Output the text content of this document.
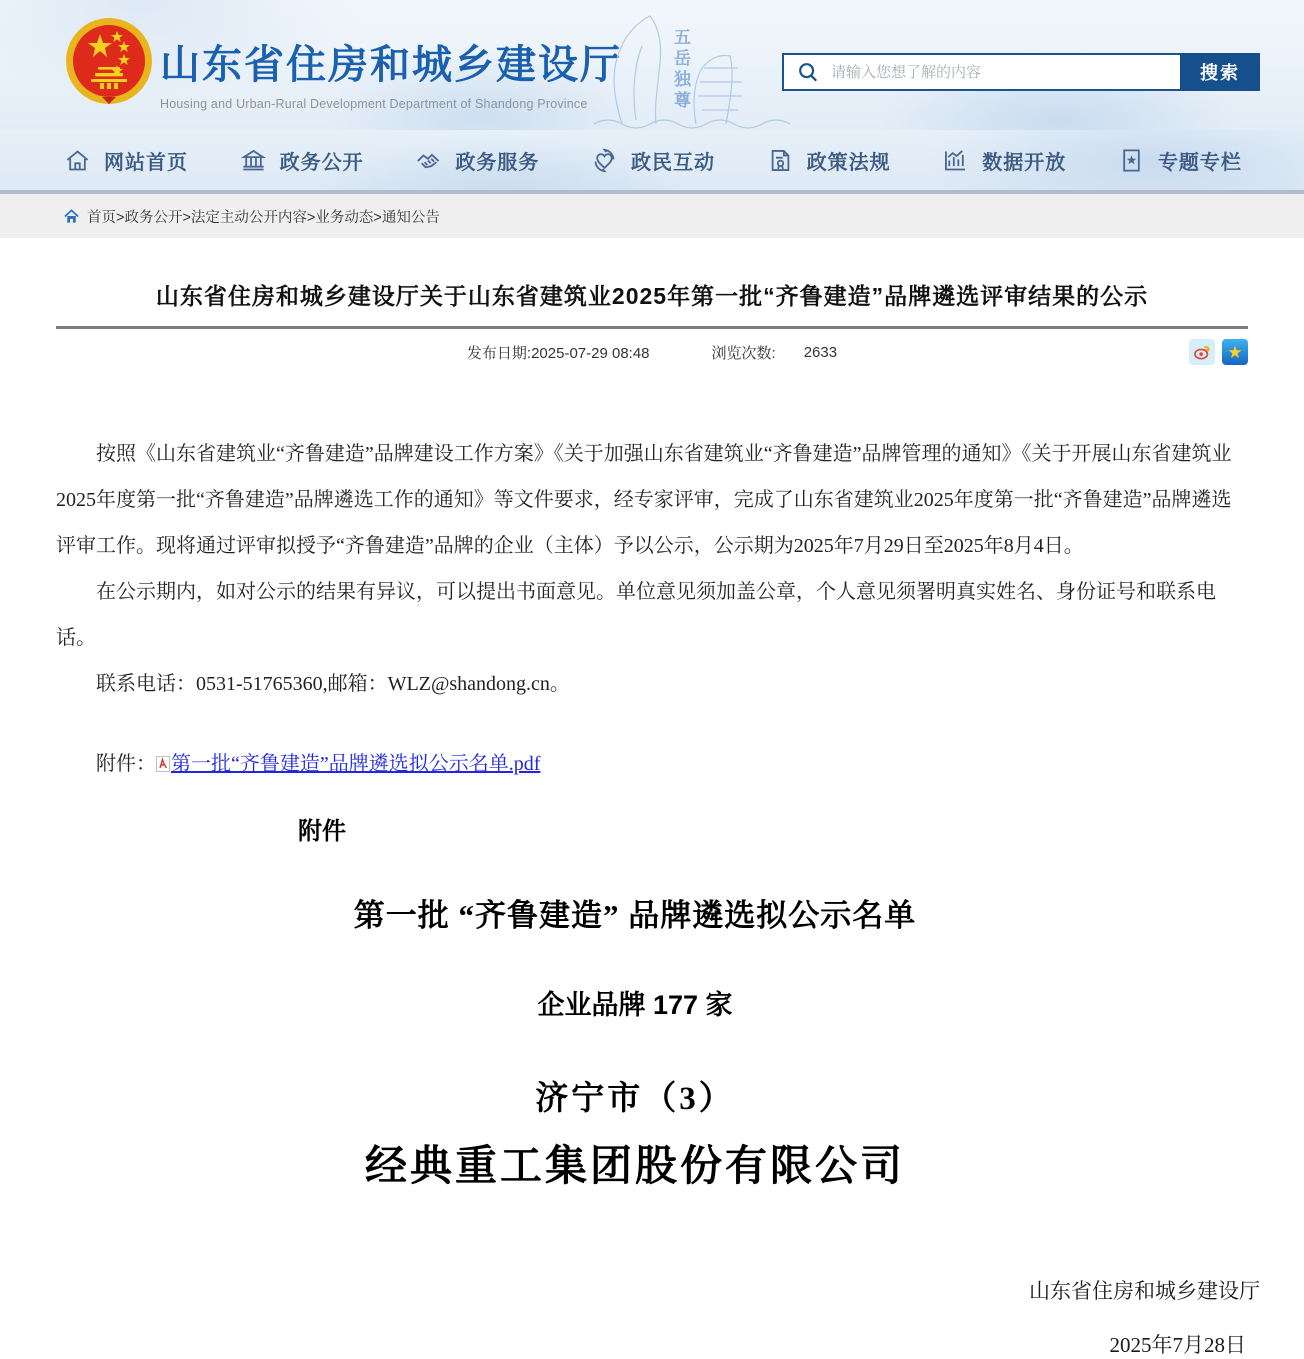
山东省住房和城乡建设厅
Housing and Urban-Rural Development Department of Shandong Province	五岳独尊
请输入您想了解的内容	搜索
网站首页	政务公开	政务服务	政民互动	政策法规	数据开放	专题专栏
首页>政务公开>法定主动公开内容>业务动态>通知公告
山东省住房和城乡建设厅关于山东省建筑业2025年第一批“齐鲁建造”品牌遴选评审结果的公示
发布日期:2025-07-29 08:48	浏览次数: 2633	★

按照《山东省建筑业“齐鲁建造”品牌建设工作方案》《关于加强山东省建筑业“齐鲁建造”品牌管理的通知》《关于开展山东省建筑业2025年度第一批“齐鲁建造”品牌遴选工作的通知》等文件要求，经专家评审，完成了山东省建筑业2025年度第一批“齐鲁建造”品牌遴选评审工作。现将通过评审拟授予“齐鲁建造”品牌的企业（主体）予以公示，公示期为2025年7月29日至2025年8月4日。

在公示期内，如对公示的结果有异议，可以提出书面意见。单位意见须加盖公章，个人意见须署明真实姓名、身份证号和联系电话。

联系电话：0531-51765360,邮箱：WLZ@shandong.cn。

附件： 第一批“齐鲁建造”品牌遴选拟公示名单.pdf

附件
第一批 “齐鲁建造” 品牌遴选拟公示名单
企业品牌 177 家
济宁市（3）
经典重工集团股份有限公司
山东省住房和城乡建设厅
2025年7月28日
